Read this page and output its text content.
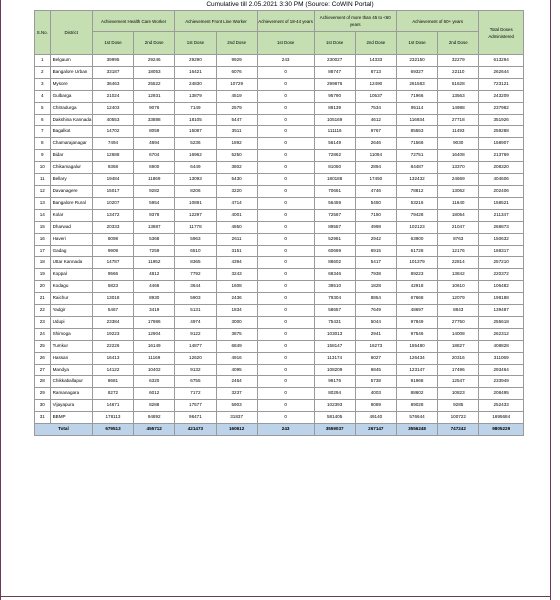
Cumulative till 2.05.2021 3:30 PM (Source: CoWIN Portal)
S.No.	District	Achievement Health Care Worker		Achievement Front Line Worker		Achievement of 18-44 years	Achievement of more than 45 to <60 years		Achievement of 60+ years		Total Doses Administered
		1st Dose	2nd Dose	1st Dose	2nd Dose	1st Dose	1st Dose	2nd Dose	1st Dose	2nd Dose	
1	Belgaum	39995	29246	29290	9929	243	230027	14333	232150	32279	613294
2	Bangalore Urban	33187	18053	16421	6076	0	88747	8713	69327	22110	262644
3	Mysore	36463	25522	24830	10729	0	299876	12490	261583	51628	723121
4	Gulbarga	21024	12931	13879	4519	0	95790	10537	71966	13563	243209
5	Chitradurga	12403	9076	7149	2579	0	89139	7534	95114	14988	237982
6	Dakshina Kannada	40553	33888	18105	5447	0	105169	4612	116934	27718	351926
7	Bagalkot	14702	8059	15087	3511	0	111116	9767	85553	11493	259288
8	Chamarajanagar	7494	4894	5236	1892	0	56149	2646	71566	9030	158907
9	Bidar	12688	6704	16962	5250	0	72862	11094	72751	16408	213769
10	Chikamagalur	9368	6900	6449	3802	0	81050	2894	84487	13370	208320
11	Bellary	19484	11869	13093	5430	0	180188	17450	132432	24669	404606
12	Davanagere	15017	9282	8206	3220	0	70661	4746	78812	13062	202406
13	Bangalore Rural	10207	5954	10891	4714	0	56459	5450	53216	11640	158521
14	Kolar	13472	9378	12297	4001	0	72567	7150	79428	18054	211347
15	Dharwad	20333	13887	11778	4850	0	89557	4998	102123	21047	268873
16	Haveri	8098	5368	5963	2611	0	52981	2942	63900	8763	150632
17	Gadag	9909	7259	6510	3151	0	60669	6915	61728	12176	168317
18	Uttar Kannada	14787	11952	8365	4394	0	88602	5417	101379	22814	257210
19	Koppal	9566	4812	7792	3243	0	68346	7938	89223	13842	220372
20	Kodagu	5823	4466	3644	1608	0	39510	1828	42918	10610	106482
21	Raichur	13018	8930	5903	2436	0	79304	8854	67668	12079	198188
22	Yadgir	5467	3419	5131	1834	0	58657	7649	48697	8843	139487
23	Udupi	23384	17986	4974	3000	0	75431	5044	97849	27750	255618
24	Shimoga	19223	12904	9122	3875	0	103013	2941	97546	14008	262312
25	Tumkur	22226	16149	14877	6849	0	158147	16273	155480	18827	408828
26	Hassan	16413	11169	12620	4916	0	113174	6027	126434	20316	311069
27	Mandya	14122	10402	9132	4095	0	108209	6845	123147	17496	293464
28	Chikkaballapur	8681	6320	6755	2464	0	99176	5738	91968	12547	233949
29	Ramanagara	8272	6012	7172	3237	0	80294	4003	88602	10823	208495
30	Vijayapura	14671	8288	17577	5903	0	102393	9089	89028	9285	252433
31	BBMP	178113	94892	98471	31837	0	581405	49140	576644	100722	1695684
Total		679513	455712	421473	160612	243	3559037	267147	3556248	747242	9805229
